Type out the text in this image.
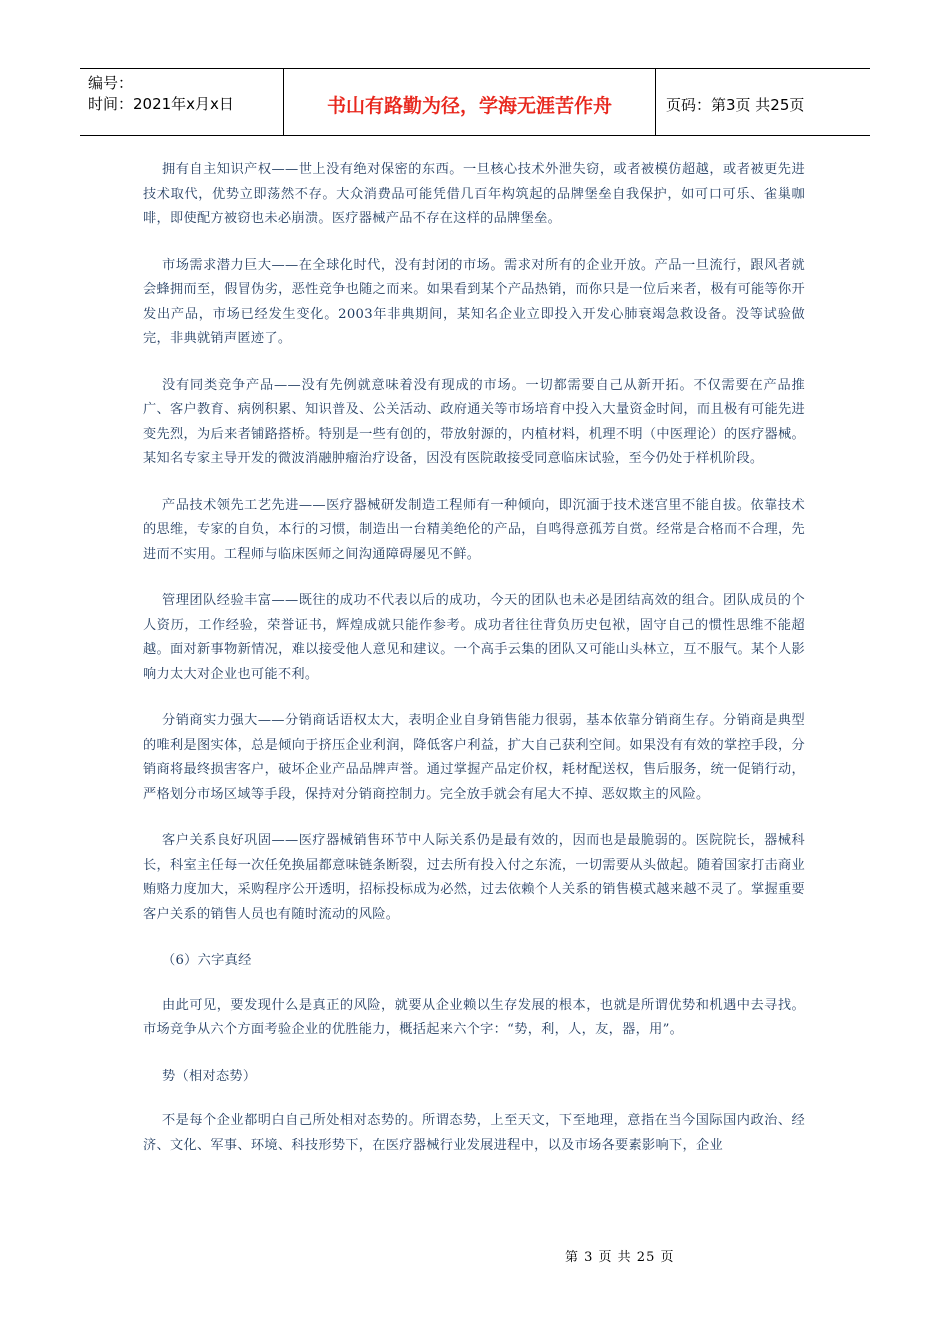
编号：
时间：2021年x月x日	书山有路勤为径，学海无涯苦作舟	页码：第3页 共25页

拥有自主知识产权——世上没有绝对保密的东西。一旦核心技术外泄失窃，或者被模仿超越，或者被更先进技术取代，优势立即荡然不存。大众消费品可能凭借几百年构筑起的品牌堡垒自我保护，如可口可乐、雀巢咖啡，即使配方被窃也未必崩溃。医疗器械产品不存在这样的品牌堡垒。

市场需求潜力巨大——在全球化时代，没有封闭的市场。需求对所有的企业开放。产品一旦流行，跟风者就会蜂拥而至，假冒伪劣，恶性竞争也随之而来。如果看到某个产品热销，而你只是一位后来者，极有可能等你开发出产品，市场已经发生变化。2003年非典期间，某知名企业立即投入开发心肺衰竭急救设备。没等试验做完，非典就销声匿迹了。

没有同类竞争产品——没有先例就意味着没有现成的市场。一切都需要自己从新开拓。不仅需要在产品推广、客户教育、病例积累、知识普及、公关活动、政府通关等市场培育中投入大量资金时间，而且极有可能先进变先烈，为后来者铺路搭桥。特别是一些有创的，带放射源的，内植材料，机理不明（中医理论）的医疗器械。某知名专家主导开发的微波消融肿瘤治疗设备，因没有医院敢接受同意临床试验，至今仍处于样机阶段。

产品技术领先工艺先进——医疗器械研发制造工程师有一种倾向，即沉湎于技术迷宫里不能自拔。依靠技术的思维，专家的自负，本行的习惯，制造出一台精美绝伦的产品，自鸣得意孤芳自赏。经常是合格而不合理，先进而不实用。工程师与临床医师之间沟通障碍屡见不鲜。

管理团队经验丰富——既往的成功不代表以后的成功，今天的团队也未必是团结高效的组合。团队成员的个人资历，工作经验，荣誉证书，辉煌成就只能作参考。成功者往往背负历史包袱，固守自己的惯性思维不能超越。面对新事物新情况，难以接受他人意见和建议。一个高手云集的团队又可能山头林立，互不服气。某个人影响力太大对企业也可能不利。

分销商实力强大——分销商话语权太大，表明企业自身销售能力很弱，基本依靠分销商生存。分销商是典型的唯利是图实体，总是倾向于挤压企业利润，降低客户利益，扩大自己获利空间。如果没有有效的掌控手段，分销商将最终损害客户，破坏企业产品品牌声誉。通过掌握产品定价权，耗材配送权，售后服务，统一促销行动，严格划分市场区域等手段，保持对分销商控制力。完全放手就会有尾大不掉、恶奴欺主的风险。

客户关系良好巩固——医疗器械销售环节中人际关系仍是最有效的，因而也是最脆弱的。医院院长，器械科长，科室主任每一次任免换届都意味链条断裂，过去所有投入付之东流，一切需要从头做起。随着国家打击商业贿赂力度加大，采购程序公开透明，招标投标成为必然，过去依赖个人关系的销售模式越来越不灵了。掌握重要客户关系的销售人员也有随时流动的风险。

（6）六字真经

由此可见，要发现什么是真正的风险，就要从企业赖以生存发展的根本，也就是所谓优势和机遇中去寻找。市场竞争从六个方面考验企业的优胜能力，概括起来六个字：“势，利，人，友，器，用”。

势（相对态势）

不是每个企业都明白自己所处相对态势的。所谓态势，上至天文，下至地理，意指在当今国际国内政治、经济、文化、军事、环境、科技形势下，在医疗器械行业发展进程中，以及市场各要素影响下，企业

第 3 页 共 25 页
